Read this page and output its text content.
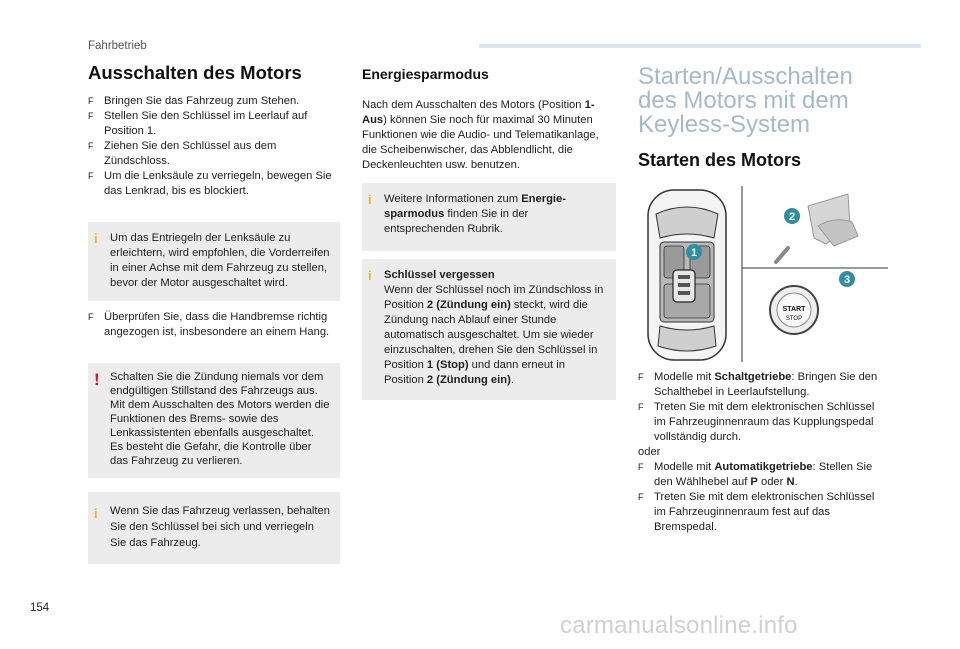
Fahrbetrieb
Ausschalten des Motors
F Bringen Sie das Fahrzeug zum Stehen.
F Stellen Sie den Schlüssel im Leerlauf auf Position 1.
F Ziehen Sie den Schlüssel aus dem Zündschloss.
F Um die Lenksäule zu verriegeln, bewegen Sie das Lenkrad, bis es blockiert.
i Um das Entriegeln der Lenksäule zu erleichtern, wird empfohlen, die Vorderreifen in einer Achse mit dem Fahrzeug zu stellen, bevor der Motor ausgeschaltet wird.

F Überprüfen Sie, dass die Handbremse richtig angezogen ist, insbesondere an einem Hang.
! Schalten Sie die Zündung niemals vor dem endgültigen Stillstand des Fahrzeugs aus. Mit dem Ausschalten des Motors werden die Funktionen des Brems- sowie des Lenkassistenten ebenfalls ausgeschaltet. Es besteht die Gefahr, die Kontrolle über das Fahrzeug zu verlieren.

i Wenn Sie das Fahrzeug verlassen, behalten Sie den Schlüssel bei sich und verriegeln Sie das Fahrzeug.

Energiesparmodus

Nach dem Ausschalten des Motors (Position 1-Aus) können Sie noch für maximal 30 Minuten Funktionen wie die Audio- und Telematikanlage, die Scheibenwischer, das Abblendlicht, die Deckenleuchten usw. benutzen.

i Weitere Informationen zum Energie-sparmodus finden Sie in der entsprechenden Rubrik.

i Schlüssel vergessen
Wenn der Schlüssel noch im Zündschloss in Position 2 (Zündung ein) steckt, wird die Zündung nach Ablauf einer Stunde automatisch ausgeschaltet. Um sie wieder einzuschalten, drehen Sie den Schlüssel in Position 1 (Stop) und dann erneut in Position 2 (Zündung ein).

Starten/Ausschalten des Motors mit dem Keyless-System
Starten des Motors
1
2
START
STOP
3
F Modelle mit Schaltgetriebe: Bringen Sie den Schalthebel in Leerlaufstellung.
F Treten Sie mit dem elektronischen Schlüssel im Fahrzeuginnenraum das Kupplungspedal vollständig durch.

oder

F Modelle mit Automatikgetriebe: Stellen Sie den Wählhebel auf P oder N.
F Treten Sie mit dem elektronischen Schlüssel im Fahrzeuginnenraum fest auf das Bremspedal.
154
carmanualsonline.info
